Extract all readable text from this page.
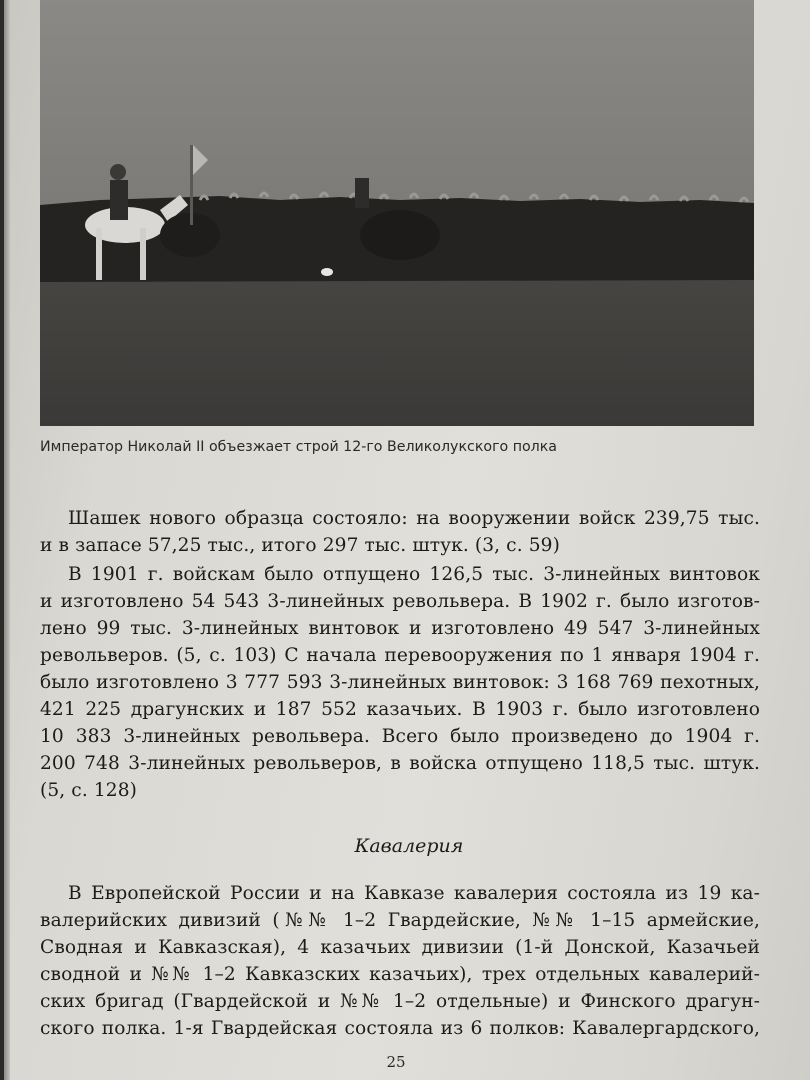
Император Николай II объезжает строй 12-го Великолукского полка
Шашек нового образца состояло: на вооружении войск 239,75 тыс.
и в запасе 57,25 тыс., итого 297 тыс. штук. (3, с. 59)
В 1901 г. войскам было отпущено 126,5 тыс. 3-линейных винтовок
и изготовлено 54 543 3-линейных револьвера. В 1902 г. было изготов-
лено 99 тыс. 3-линейных винтовок и изготовлено 49 547 3-линейных
револьверов. (5, с. 103) С начала перевооружения по 1 января 1904 г.
было изготовлено 3 777 593 3-линейных винтовок: 3 168 769 пехотных,
421 225 драгунских и 187 552 казачьих. В 1903 г. было изготовлено
10 383 3-линейных револьвера. Всего было произведено до 1904 г.
200 748 3-линейных револьверов, в войска отпущено 118,5 тыс. штук.
(5, с. 128)
Кавалерия
В Европейской России и на Кавказе кавалерия состояла из 19 ка-
валерийских дивизий (№№ 1–2 Гвардейские, №№ 1–15 армейские,
Сводная и Кавказская), 4 казачьих дивизии (1-й Донской, Казачьей
сводной и №№ 1–2 Кавказских казачьих), трех отдельных кавалерий-
ских бригад (Гвардейской и №№ 1–2 отдельные) и Финского драгун-
ского полка. 1-я Гвардейская состояла из 6 полков: Кавалергардского,
25
